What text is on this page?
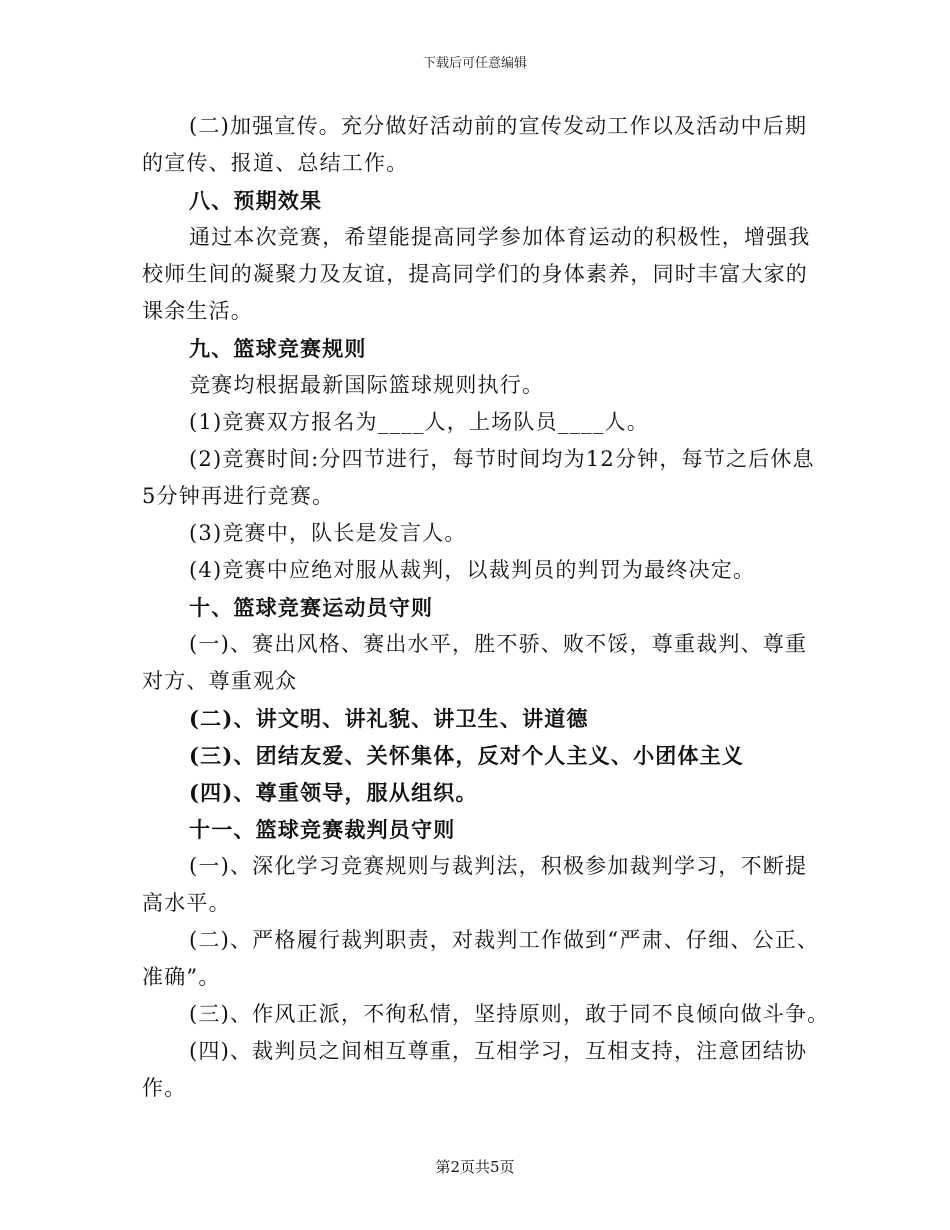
下载后可任意编辑
(二)加强宣传。充分做好活动前的宣传发动工作以及活动中后期
的宣传、报道、总结工作。
八、预期效果
通过本次竞赛，希望能提高同学参加体育运动的积极性，增强我
校师生间的凝聚力及友谊，提高同学们的身体素养，同时丰富大家的
课余生活。
九、篮球竞赛规则
竞赛均根据最新国际篮球规则执行。
(1)竞赛双方报名为____人，上场队员____人。
(2)竞赛时间:分四节进行，每节时间均为12分钟，每节之后休息
5分钟再进行竞赛。
(3)竞赛中，队长是发言人。
(4)竞赛中应绝对服从裁判，以裁判员的判罚为最终决定。
十、篮球竞赛运动员守则
(一)、赛出风格、赛出水平，胜不骄、败不馁，尊重裁判、尊重
对方、尊重观众
(二)、讲文明、讲礼貌、讲卫生、讲道德
(三)、团结友爱、关怀集体，反对个人主义、小团体主义
(四)、尊重领导，服从组织。
十一、篮球竞赛裁判员守则
(一)、深化学习竞赛规则与裁判法，积极参加裁判学习，不断提
高水平。
(二)、严格履行裁判职责，对裁判工作做到“严肃、仔细、公正、
准确”。
(三)、作风正派，不徇私情，坚持原则，敢于同不良倾向做斗争。
(四)、裁判员之间相互尊重，互相学习，互相支持，注意团结协
作。
第2页共5页
